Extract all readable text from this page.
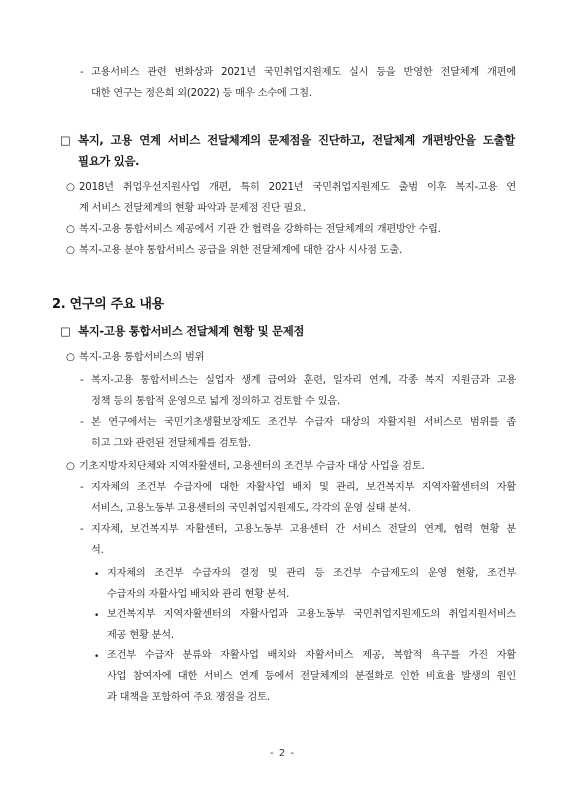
- 고용서비스 관련 변화상과 2021년 국민취업지원제도 실시 등을 반영한 전달체계 개편에
대한 연구는 정은희 외(2022) 등 매우 소수에 그침.
□ 복지, 고용 연계 서비스 전달체계의 문제점을 진단하고, 전달체계 개편방안을 도출할
필요가 있음.
○ 2018년 취업우선지원사업 개편, 특히 2021년 국민취업지원제도 출범 이후 복지-고용 연
계 서비스 전달체계의 현황 파악과 문제점 진단 필요.
○ 복지-고용 통합서비스 제공에서 기관 간 협력을 강화하는 전달체계의 개편방안 수립.
○ 복지-고용 분야 통합서비스 공급을 위한 전달체계에 대한 감사 시사점 도출.
2. 연구의 주요 내용
□ 복지-고용 통합서비스 전달체계 현황 및 문제점
○ 복지-고용 통합서비스의 범위
- 복지-고용 통합서비스는 실업자 생계 급여와 훈련, 일자리 연계, 각종 복지 지원금과 고용
정책 등의 통합적 운영으로 넓게 정의하고 검토할 수 있음.
- 본 연구에서는 국민기초생활보장제도 조건부 수급자 대상의 자활지원 서비스로 범위를 좁
히고 그와 관련된 전달체계를 검토함.
○ 기초지방자치단체와 지역자활센터, 고용센터의 조건부 수급자 대상 사업을 검토.
- 지자체의 조건부 수급자에 대한 자활사업 배치 및 관리, 보건복지부 지역자활센터의 자활
서비스, 고용노동부 고용센터의 국민취업지원제도, 각각의 운영 실태 분석.
- 지자체, 보건복지부 자활센터, 고용노동부 고용센터 간 서비스 전달의 연계, 협력 현황 분
석.
• 지자체의 조건부 수급자의 결정 및 관리 등 조건부 수급제도의 운영 현황, 조건부
수급자의 자활사업 배치와 관리 현황 분석.
• 보건복지부 지역자활센터의 자활사업과 고용노동부 국민취업지원제도의 취업지원서비스
제공 현황 분석.
• 조건부 수급자 분류와 자활사업 배치와 자활서비스 제공, 복합적 욕구를 가진 자활
사업 참여자에 대한 서비스 연계 등에서 전달체계의 분절화로 인한 비효율 발생의 원인
과 대책을 포함하여 주요 쟁점을 검토.
- 2 -
